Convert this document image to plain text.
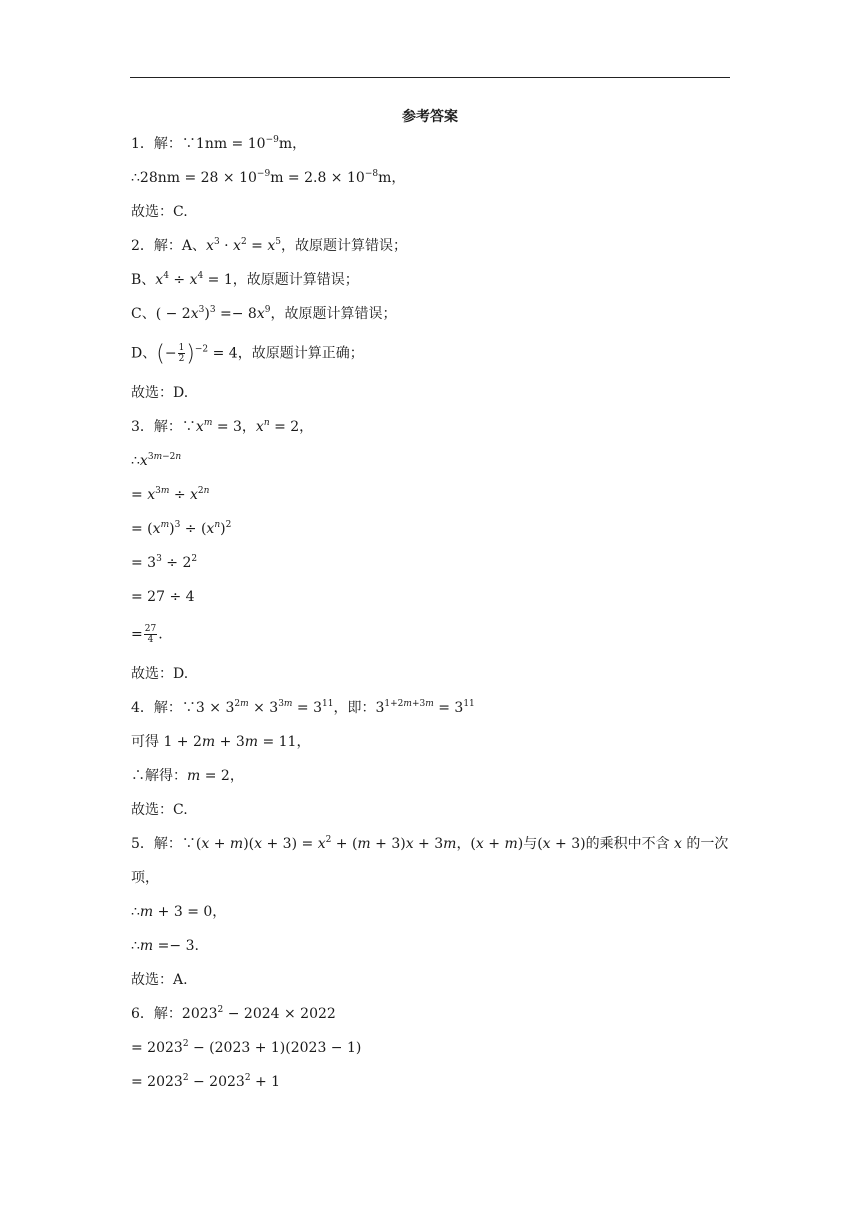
参考答案
1．解：∵1nm = $10^{-9}m$，
∴28nm = $28 \times 10^{-9}m = 2.8 \times 10^{-8}m$，
故选：C.
2．解：A、$x^3 \cdot x^2 = x^5$，故原题计算错误；
B、$x^4 \div x^4 = 1$，故原题计算错误；
C、( − $2x^3)^3 =- 8x^9$，故原题计算错误；
D、(− $\frac{1}{2} )^{-2} = 4$，故原题计算正确；
故选：D.
3．解：$\because x^m = 3$，$x^n = 2$，
$\therefore x^{3m-2n}$
= $x^{3m} \div x^{2n}$
= $(x^m)^3 \div (x^n)^2$
= $3^3 \div 2^2$
= 27 ÷ 4
= $\frac{27}{4}$ .
故选：D.
4．解：∵3 × $3^{2m} \times 3^{3m} = 3^{11}$，即：$3^{1+2m+3m} = 3^{11}$
可得 1 + 2m + 3m = 11，
∴解得：m = 2，
故选：C.
5．解：∵(x + $m)(x + 3) = x^2 + (m + 3)x + 3m$，(x + m)与(x + 3)的乘积中不含 x 的一次
项，
∴m + 3 = 0，
∴m =− 3.
故选：A.
6．解：$2023^2 - 2024 \times 2022$
= $2023^2 - (2023 + 1)(2023 - 1)$
= $2023^2 - 2023^2 + 1$
